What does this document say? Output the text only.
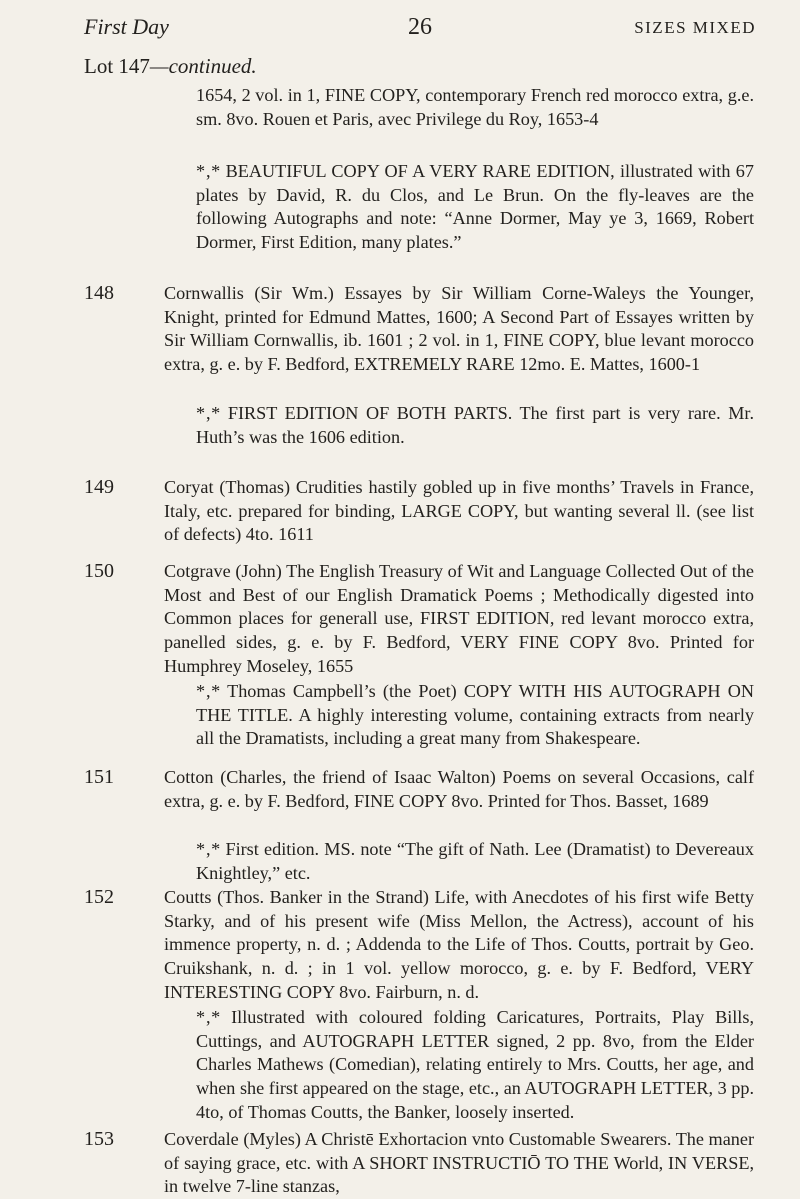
First Day	26	SIZES MIXED
Lot 147—continued.
1654, 2 vol. in 1, FINE COPY, contemporary French red morocco extra, g.e. sm. 8vo. Rouen et Paris, avec Privilege du Roy, 1653-4
*‚* BEAUTIFUL COPY OF A VERY RARE EDITION, illustrated with 67 plates by David, R. du Clos, and Le Brun. On the fly-leaves are the following Autographs and note: “Anne Dormer, May ye 3, 1669, Robert Dormer, First Edition, many plates.”
148	Cornwallis (Sir Wm.) Essayes by Sir William Corne-Waleys the Younger, Knight, printed for Edmund Mattes, 1600; A Second Part of Essayes written by Sir William Cornwallis, ib. 1601 ; 2 vol. in 1, FINE COPY, blue levant morocco extra, g. e. by F. Bedford, EXTREMELY RARE 12mo. E. Mattes, 1600-1
*‚* FIRST EDITION OF BOTH PARTS. The first part is very rare. Mr. Huth’s was the 1606 edition.
149	Coryat (Thomas) Crudities hastily gobled up in five months’ Travels in France, Italy, etc. prepared for binding, LARGE COPY, but wanting several ll. (see list of defects) 4to. 1611
150	Cotgrave (John) The English Treasury of Wit and Language Collected Out of the Most and Best of our English Dramatick Poems ; Methodically digested into Common places for generall use, FIRST EDITION, red levant morocco extra, panelled sides, g. e. by F. Bedford, VERY FINE COPY 8vo. Printed for Humphrey Moseley, 1655
*‚* Thomas Campbell’s (the Poet) COPY WITH HIS AUTOGRAPH ON THE TITLE. A highly interesting volume, containing extracts from nearly all the Dramatists, including a great many from Shakespeare.
151	Cotton (Charles, the friend of Isaac Walton) Poems on several Occasions, calf extra, g. e. by F. Bedford, FINE COPY 8vo. Printed for Thos. Basset, 1689
*‚* First edition. MS. note “The gift of Nath. Lee (Dramatist) to Devereaux Knightley,” etc.
152	Coutts (Thos. Banker in the Strand) Life, with Anecdotes of his first wife Betty Starky, and of his present wife (Miss Mellon, the Actress), account of his immence property, n. d. ; Addenda to the Life of Thos. Coutts, portrait by Geo. Cruikshank, n. d. ; in 1 vol. yellow morocco, g. e. by F. Bedford, VERY INTERESTING COPY 8vo. Fairburn, n. d.
*‚* Illustrated with coloured folding Caricatures, Portraits, Play Bills, Cuttings, and AUTOGRAPH LETTER signed, 2 pp. 8vo, from the Elder Charles Mathews (Comedian), relating entirely to Mrs. Coutts, her age, and when she first appeared on the stage, etc., an AUTOGRAPH LETTER, 3 pp. 4to, of Thomas Coutts, the Banker, loosely inserted.
153	Coverdale (Myles) A Christē Exhortacion vnto Customable Swearers. The maner of saying grace, etc. with A SHORT INSTRUCTIŌ TO THE World, IN VERSE, in twelve 7-line stanzas,
